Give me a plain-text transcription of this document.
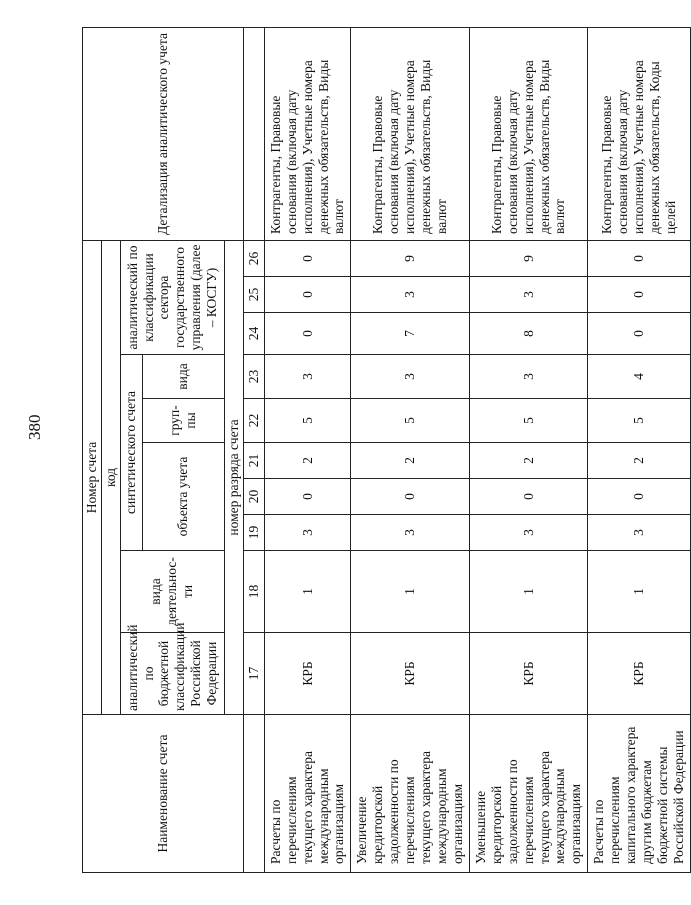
380
Наименование счета	Номер счета										Детализация аналитического учета
	код										
	аналитический по бюджетной классификации Российской Федерации	вида деятельнос-ти	синтетического счета					аналитический по классификации сектора государственного управления (далее – КОСГУ)			
			объекта учета			груп-пы	вида				
	номер разряда счета										
	17	18	19	20	21	22	23	24	25	26	
Расчеты по перечислениям текущего характера международным организациям	КРБ	1	3	0	2	5	3	0	0	0	Контрагенты, Правовые основания (включая дату исполнения), Учетные номера денежных обязательств, Виды валют
Увеличение кредиторской задолженности по перечислениям текущего характера международным организациям	КРБ	1	3	0	2	5	3	7	3	9	Контрагенты, Правовые основания (включая дату исполнения), Учетные номера денежных обязательств, Виды валют
Уменьшение кредиторской задолженности по перечислениям текущего характера международным организациям	КРБ	1	3	0	2	5	3	8	3	9	Контрагенты, Правовые основания (включая дату исполнения), Учетные номера денежных обязательств, Виды валют
Расчеты по перечислениям капитального характера другим бюджетам бюджетной системы Российской Федерации	КРБ	1	3	0	2	5	4	0	0	0	Контрагенты, Правовые основания (включая дату исполнения), Учетные номера денежных обязательств, Коды целей
